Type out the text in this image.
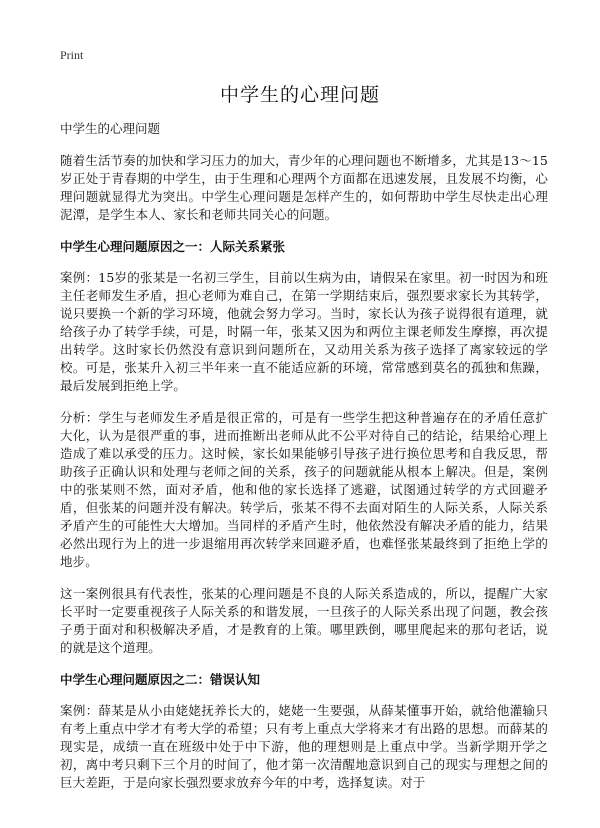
Print
中学生的心理问题
中学生的心理问题

随着生活节奏的加快和学习压力的加大，青少年的心理问题也不断增多，尤其是13～15岁正处于青春期的中学生，由于生理和心理两个方面都在迅速发展，且发展不均衡，心理问题就显得尤为突出。中学生心理问题是怎样产生的，如何帮助中学生尽快走出心理泥潭，是学生本人、家长和老师共同关心的问题。

中学生心理问题原因之一：人际关系紧张

案例：15岁的张某是一名初三学生，目前以生病为由，请假呆在家里。初一时因为和班主任老师发生矛盾，担心老师为难自己，在第一学期结束后，强烈要求家长为其转学，说只要换一个新的学习环境，他就会努力学习。当时，家长认为孩子说得很有道理，就给孩子办了转学手续，可是，时隔一年，张某又因为和两位主课老师发生摩擦，再次提出转学。这时家长仍然没有意识到问题所在，又动用关系为孩子选择了离家较远的学校。可是，张某升入初三半年来一直不能适应新的环境，常常感到莫名的孤独和焦躁，最后发展到拒绝上学。

分析：学生与老师发生矛盾是很正常的，可是有一些学生把这种普遍存在的矛盾任意扩大化，认为是很严重的事，进而推断出老师从此不公平对待自己的结论，结果给心理上造成了难以承受的压力。这时候，家长如果能够引导孩子进行换位思考和自我反思，帮助孩子正确认识和处理与老师之间的关系，孩子的问题就能从根本上解决。但是，案例中的张某则不然，面对矛盾，他和他的家长选择了逃避，试图通过转学的方式回避矛盾，但张某的问题并没有解决。转学后，张某不得不去面对陌生的人际关系，人际关系矛盾产生的可能性大大增加。当同样的矛盾产生时，他依然没有解决矛盾的能力，结果必然出现行为上的进一步退缩用再次转学来回避矛盾，也难怪张某最终到了拒绝上学的地步。

这一案例很具有代表性，张某的心理问题是不良的人际关系造成的，所以，提醒广大家长平时一定要重视孩子人际关系的和谐发展，一旦孩子的人际关系出现了问题，教会孩子勇于面对和积极解决矛盾，才是教育的上策。哪里跌倒，哪里爬起来的那句老话，说的就是这个道理。

中学生心理问题原因之二：错误认知

案例：薛某是从小由姥姥抚养长大的，姥姥一生要强，从薛某懂事开始，就给他灌输只有考上重点中学才有考大学的希望；只有考上重点大学将来才有出路的思想。而薛某的现实是，成绩一直在班级中处于中下游，他的理想则是上重点中学。当新学期开学之初，离中考只剩下三个月的时间了，他才第一次清醒地意识到自己的现实与理想之间的巨大差距，于是向家长强烈要求放弃今年的中考，选择复读。对于
